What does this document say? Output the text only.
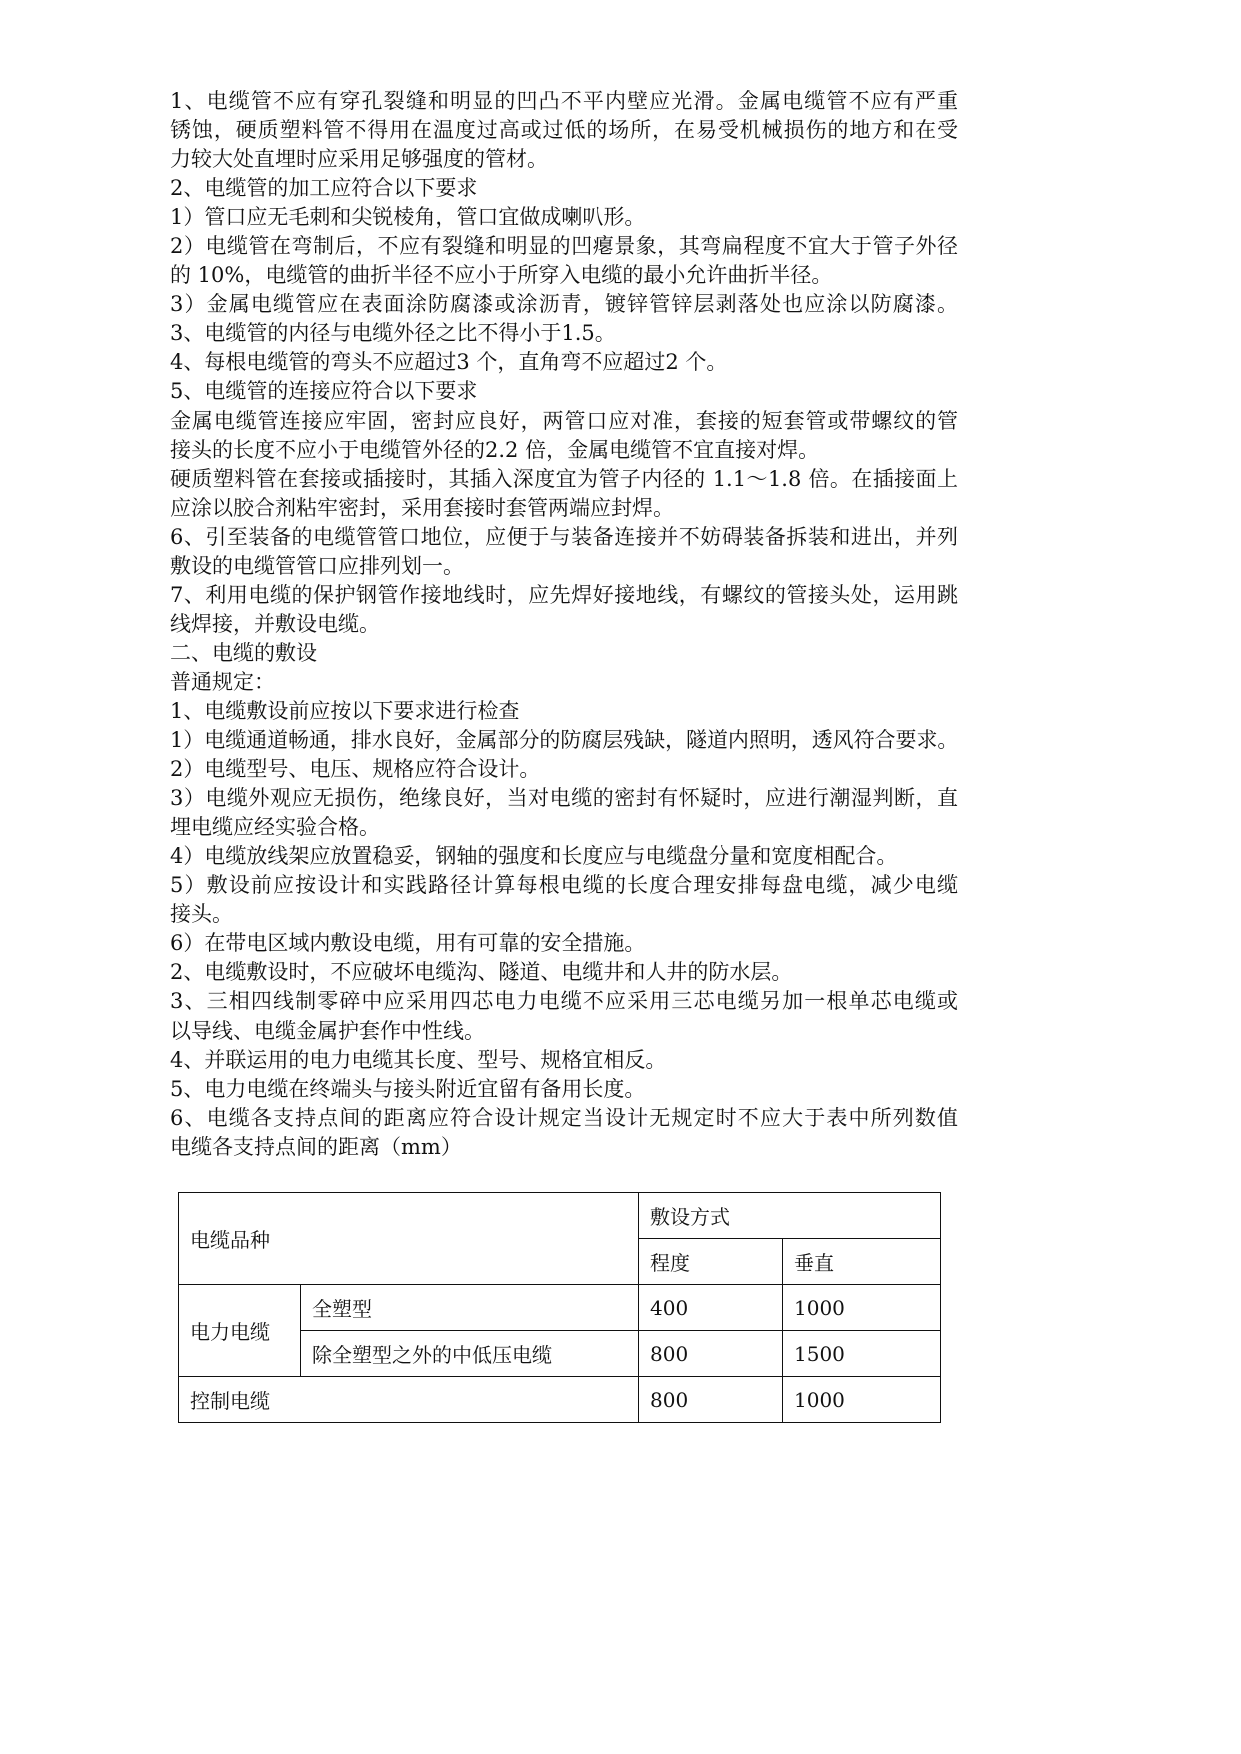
1、电缆管不应有穿孔裂缝和明显的凹凸不平内壁应光滑。金属电缆管不应有严重
锈蚀，硬质塑料管不得用在温度过高或过低的场所，在易受机械损伤的地方和在受
力较大处直埋时应采用足够强度的管材。
2、电缆管的加工应符合以下要求
1）管口应无毛刺和尖锐棱角，管口宜做成喇叭形。
2）电缆管在弯制后，不应有裂缝和明显的凹瘪景象，其弯扁程度不宜大于管子外径
的 10%，电缆管的曲折半径不应小于所穿入电缆的最小允许曲折半径。
3）金属电缆管应在表面涂防腐漆或涂沥青，镀锌管锌层剥落处也应涂以防腐漆。
3、电缆管的内径与电缆外径之比不得小于1.5。
4、每根电缆管的弯头不应超过3 个，直角弯不应超过2 个。
5、电缆管的连接应符合以下要求
金属电缆管连接应牢固，密封应良好，两管口应对准，套接的短套管或带螺纹的管
接头的长度不应小于电缆管外径的2.2 倍，金属电缆管不宜直接对焊。
硬质塑料管在套接或插接时，其插入深度宜为管子内径的 1.1～1.8 倍。在插接面上
应涂以胶合剂粘牢密封，采用套接时套管两端应封焊。
6、引至装备的电缆管管口地位，应便于与装备连接并不妨碍装备拆装和进出，并列
敷设的电缆管管口应排列划一。
7、利用电缆的保护钢管作接地线时，应先焊好接地线，有螺纹的管接头处，运用跳
线焊接，并敷设电缆。
二、电缆的敷设
普通规定：
1、电缆敷设前应按以下要求进行检查
1）电缆通道畅通，排水良好，金属部分的防腐层残缺，隧道内照明，透风符合要求。
2）电缆型号、电压、规格应符合设计。
3）电缆外观应无损伤，绝缘良好，当对电缆的密封有怀疑时，应进行潮湿判断，直
埋电缆应经实验合格。
4）电缆放线架应放置稳妥，钢轴的强度和长度应与电缆盘分量和宽度相配合。
5）敷设前应按设计和实践路径计算每根电缆的长度合理安排每盘电缆，减少电缆
接头。
6）在带电区域内敷设电缆，用有可靠的安全措施。
2、电缆敷设时，不应破坏电缆沟、隧道、电缆井和人井的防水层。
3、三相四线制零碎中应采用四芯电力电缆不应采用三芯电缆另加一根单芯电缆或
以导线、电缆金属护套作中性线。
4、并联运用的电力电缆其长度、型号、规格宜相反。
5、电力电缆在终端头与接头附近宜留有备用长度。
6、电缆各支持点间的距离应符合设计规定当设计无规定时不应大于表中所列数值
电缆各支持点间的距离（mm）
电缆品种		敷设方式	
		程度	垂直
电力电缆	全塑型	400	1000
	除全塑型之外的中低压电缆	800	1500
控制电缆		800	1000
